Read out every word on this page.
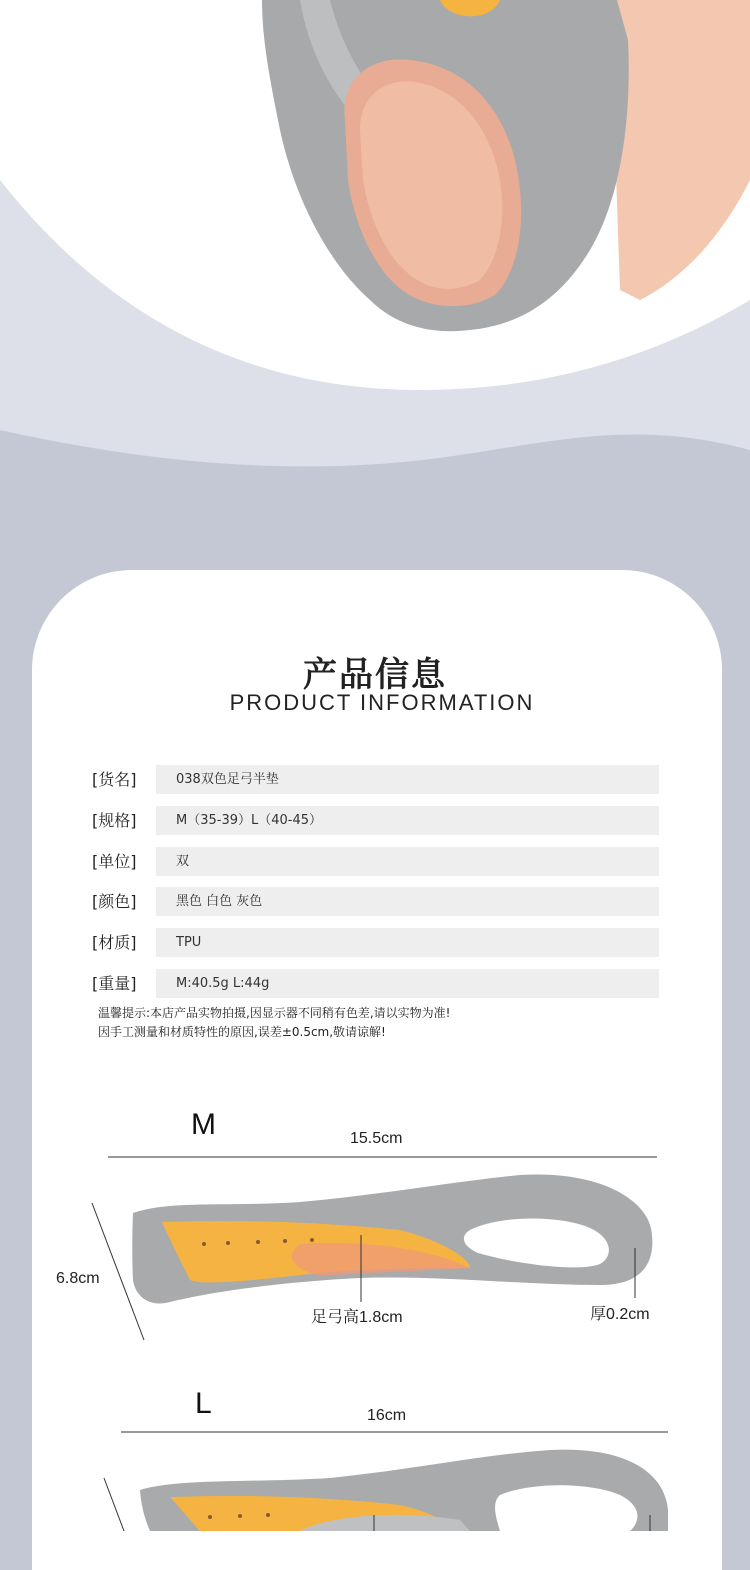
产品信息
PRODUCT INFORMATION
[货名]	038双色足弓半垫
[规格]	M（35-39）L（40-45）
[单位]	双
[颜色]	黑色 白色 灰色
[材质]	TPU
[重量]	M:40.5g L:44g
温馨提示:本店产品实物拍摄,因显示器不同稍有色差,请以实物为准!
因手工测量和材质特性的原因,误差±0.5cm,敬请谅解!
M	15.5cm
6.8cm
足弓高1.8cm	厚0.2cm
L	16cm
